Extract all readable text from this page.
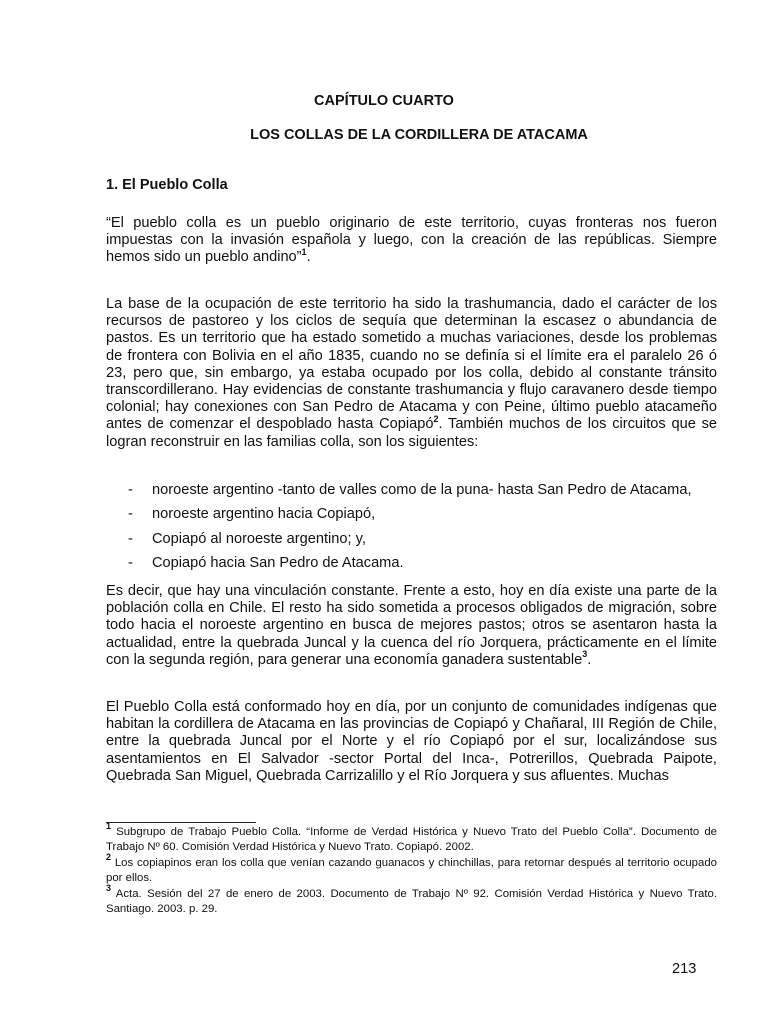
CAPÍTULO CUARTO
LOS COLLAS DE LA CORDILLERA DE ATACAMA
1. El Pueblo Colla

“El pueblo colla es un pueblo originario de este territorio, cuyas fronteras nos fueron impuestas con la invasión española y luego, con la creación de las repúblicas. Siempre hemos sido un pueblo andino”$^1$.

La base de la ocupación de este territorio ha sido la trashumancia, dado el carácter de los recursos de pastoreo y los ciclos de sequía que determinan la escasez o abundancia de pastos. Es un territorio que ha estado sometido a muchas variaciones, desde los problemas de frontera con Bolivia en el año 1835, cuando no se definía si el límite era el paralelo 26 ó 23, pero que, sin embargo, ya estaba ocupado por los colla, debido al constante tránsito transcordillerano. Hay evidencias de constante trashumancia y flujo caravanero desde tiempo colonial; hay conexiones con San Pedro de Atacama y con Peine, último pueblo atacameño antes de comenzar el despoblado hasta Copiapó$^2$. También muchos de los circuitos que se logran reconstruir en las familias colla, son los siguientes:

- noroeste argentino -tanto de valles como de la puna- hasta San Pedro de Atacama,
- noroeste argentino hacia Copiapó,
- Copiapó al noroeste argentino; y,
- Copiapó hacia San Pedro de Atacama.

Es decir, que hay una vinculación constante. Frente a esto, hoy en día existe una parte de la población colla en Chile. El resto ha sido sometida a procesos obligados de migración, sobre todo hacia el noroeste argentino en busca de mejores pastos; otros se asentaron hasta la actualidad, entre la quebrada Juncal y la cuenca del río Jorquera, prácticamente en el límite con la segunda región, para generar una economía ganadera sustentable$^3$.

El Pueblo Colla está conformado hoy en día, por un conjunto de comunidades indígenas que habitan la cordillera de Atacama en las provincias de Copiapó y Chañaral, III Región de Chile, entre la quebrada Juncal por el Norte y el río Copiapó por el sur, localizándose sus asentamientos en El Salvador -sector Portal del Inca-, Potrerillos, Quebrada Paipote, Quebrada San Miguel, Quebrada Carrizalillo y el Río Jorquera y sus afluentes. Muchas

$^1$ Subgrupo de Trabajo Pueblo Colla. “Informe de Verdad Histórica y Nuevo Trato del Pueblo Colla”. Documento de Trabajo Nº 60. Comisión Verdad Histórica y Nuevo Trato. Copiapó. 2002.

$^2$ Los copiapinos eran los colla que venían cazando guanacos y chinchillas, para retornar después al territorio ocupado por ellos.

$^3$ Acta. Sesión del 27 de enero de 2003. Documento de Trabajo Nº 92. Comisión Verdad Histórica y Nuevo Trato. Santiago. 2003. p. 29.

213
